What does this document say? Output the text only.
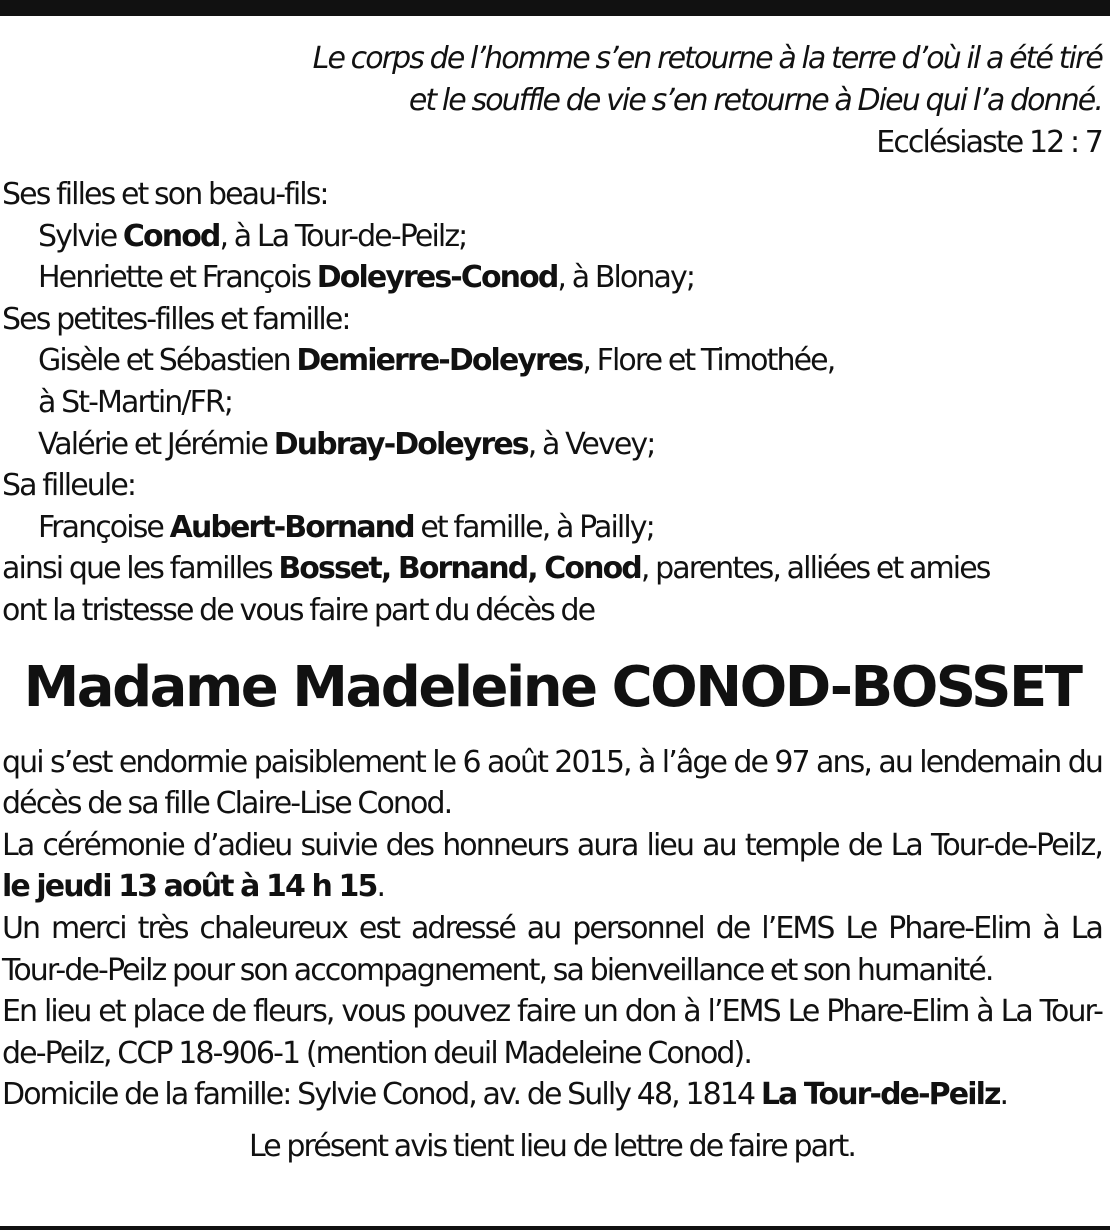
Le corps de l’homme s’en retourne à la terre d’où il a été tiré
et le souffle de vie s’en retourne à Dieu qui l’a donné.
Ecclésiaste 12 : 7
Ses filles et son beau-fils:
Sylvie Conod, à La Tour-de-Peilz;
Henriette et François Doleyres-Conod, à Blonay;
Ses petites-filles et famille:
Gisèle et Sébastien Demierre-Doleyres, Flore et Timothée,
à St-Martin/FR;
Valérie et Jérémie Dubray-Doleyres, à Vevey;
Sa filleule:
Françoise Aubert-Bornand et famille, à Pailly;
ainsi que les familles Bosset, Bornand, Conod, parentes, alliées et amies
ont la tristesse de vous faire part du décès de
Madame Madeleine CONOD-BOSSET
qui s’est endormie paisiblement le 6 août 2015, à l’âge de 97 ans, au lendemain du décès de sa fille Claire-Lise Conod.
La cérémonie d’adieu suivie des honneurs aura lieu au temple de La Tour-de-Peilz, le jeudi 13 août à 14 h 15.
Un merci très chaleureux est adressé au personnel de l’EMS Le Phare-Elim à La Tour-de-Peilz pour son accompagnement, sa bienveillance et son humanité.
En lieu et place de fleurs, vous pouvez faire un don à l’EMS Le Phare-Elim à La Tour-de-Peilz, CCP 18-906-1 (mention deuil Madeleine Conod).
Domicile de la famille: Sylvie Conod, av. de Sully 48, 1814 La Tour-de-Peilz.
Le présent avis tient lieu de lettre de faire part.
